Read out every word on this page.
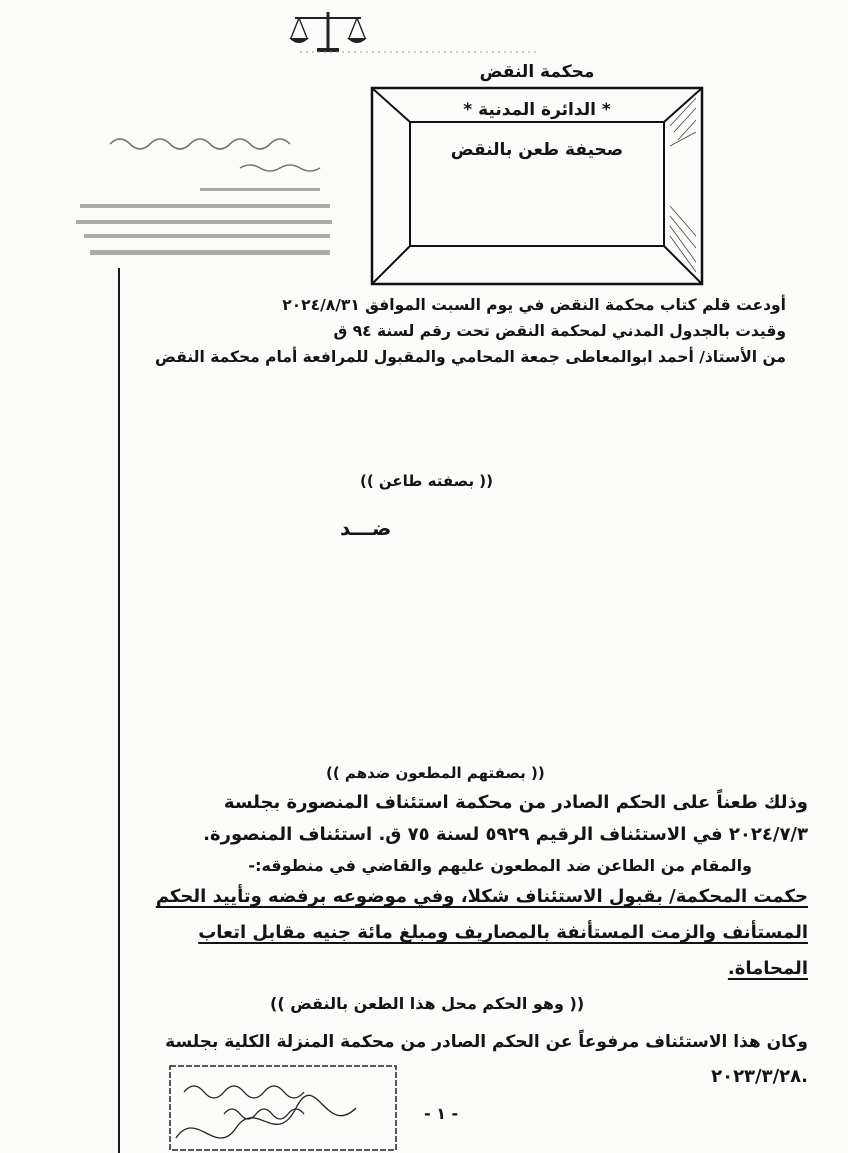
محكمة النقض
* الدائرة المدنية *
صحيفة طعن بالنقض
أودعت قلم كتاب محكمة النقض في يوم السبت الموافق ٢٠٢٤/٨/٣١
وقيدت بالجدول المدني لمحكمة النقض تحت رقم لسنة ٩٤ ق
من الأستاذ/ أحمد ابوالمعاطى جمعة المحامي والمقبول للمرافعة أمام محكمة النقض
(( بصفته طاعن ))
ضـــد
(( بصفتهم المطعون ضدهم ))
وذلك طعناً على الحكم الصادر من محكمة استئناف المنصورة بجلسة
٢٠٢٤/٧/٣ في الاستئناف الرقيم ٥٩٢٩ لسنة ٧٥ ق. استئناف المنصورة.
والمقام من الطاعن ضد المطعون عليهم والقاضي في منطوقه:-
حكمت المحكمة/ بقبول الاستئناف شكلا، وفي موضوعه برفضه وتأييد الحكم
المستأنف والزمت المستأنفة بالمصاريف ومبلغ مائة جنيه مقابل اتعاب
المحاماة.
(( وهو الحكم محل هذا الطعن بالنقض ))
وكان هذا الاستئناف مرفوعاً عن الحكم الصادر من محكمة المنزلة الكلية بجلسة
٢٠٢٣/٣/٢٨.
- ١ -
